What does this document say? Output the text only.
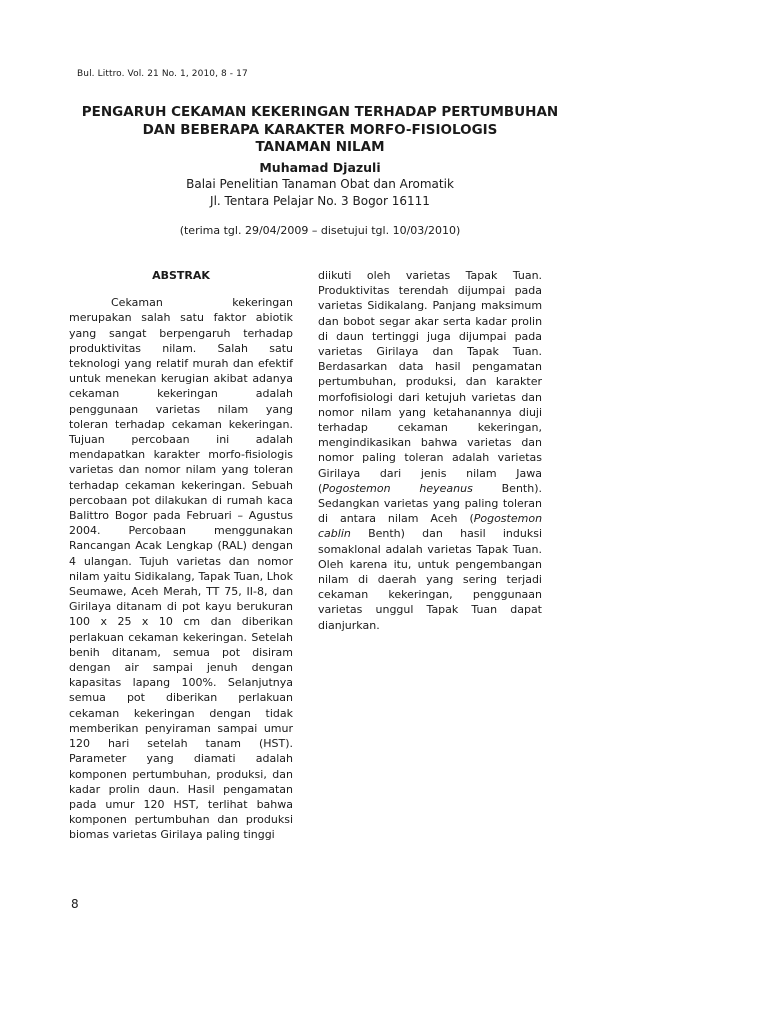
Bul. Littro. Vol. 21 No. 1, 2010, 8 - 17
PENGARUH CEKAMAN KEKERINGAN TERHADAP PERTUMBUHAN
DAN BEBERAPA KARAKTER MORFO-FISIOLOGIS
TANAMAN NILAM
Muhamad Djazuli
Balai Penelitian Tanaman Obat dan Aromatik
Jl. Tentara Pelajar No. 3 Bogor 16111
(terima tgl. 29/04/2009 – disetujui tgl. 10/03/2010)
ABSTRAK

Cekaman	kekeringan merupakan salah satu faktor abiotik yang sangat berpengaruh terhadap produktivitas nilam. Salah satu teknologi yang relatif murah dan efektif untuk menekan kerugian akibat adanya cekaman	kekeringan	adalah penggunaan varietas nilam yang toleran terhadap cekaman kekeringan. Tujuan percobaan ini adalah mendapatkan karakter morfo-fisiologis varietas dan nomor nilam yang toleran terhadap cekaman kekeringan. Sebuah percobaan pot dilakukan di rumah kaca Balittro Bogor pada Februari – Agustus 2004.	Percobaan	menggunakan Rancangan Acak Lengkap (RAL) dengan 4 ulangan. Tujuh varietas dan nomor nilam yaitu Sidikalang, Tapak Tuan, Lhok Seumawe, Aceh Merah, TT 75, II-8, dan Girilaya ditanam di pot kayu berukuran 100 x 25 x 10 cm dan diberikan perlakuan cekaman kekeringan. Setelah benih ditanam, semua pot disiram dengan air sampai jenuh dengan kapasitas lapang 100%. Selanjutnya semua pot diberikan perlakuan cekaman kekeringan dengan tidak memberikan penyiraman sampai umur 120 hari setelah tanam (HST). Parameter yang diamati adalah komponen pertumbuhan, produksi, dan kadar prolin daun. Hasil pengamatan pada umur 120 HST, terlihat bahwa komponen pertumbuhan dan produksi biomas varietas Girilaya paling tinggi

diikuti oleh varietas Tapak Tuan. Produktivitas terendah dijumpai pada varietas Sidikalang. Panjang maksimum dan bobot segar akar serta kadar prolin di daun tertinggi juga dijumpai pada varietas Girilaya dan Tapak Tuan. Berdasarkan data hasil pengamatan pertumbuhan, produksi, dan karakter morfofisiologi dari ketujuh varietas dan nomor nilam yang ketahanannya diuji terhadap	cekaman	kekeringan, mengindikasikan bahwa varietas dan nomor paling toleran adalah varietas Girilaya dari jenis nilam Jawa (Pogostemon	heyeanus	Benth). Sedangkan varietas yang paling toleran di antara nilam Aceh (Pogostemon cablin Benth) dan hasil induksi somaklonal adalah varietas Tapak Tuan. Oleh karena itu, untuk pengembangan nilam di daerah yang sering terjadi cekaman kekeringan, penggunaan varietas unggul Tapak Tuan dapat dianjurkan.

8
